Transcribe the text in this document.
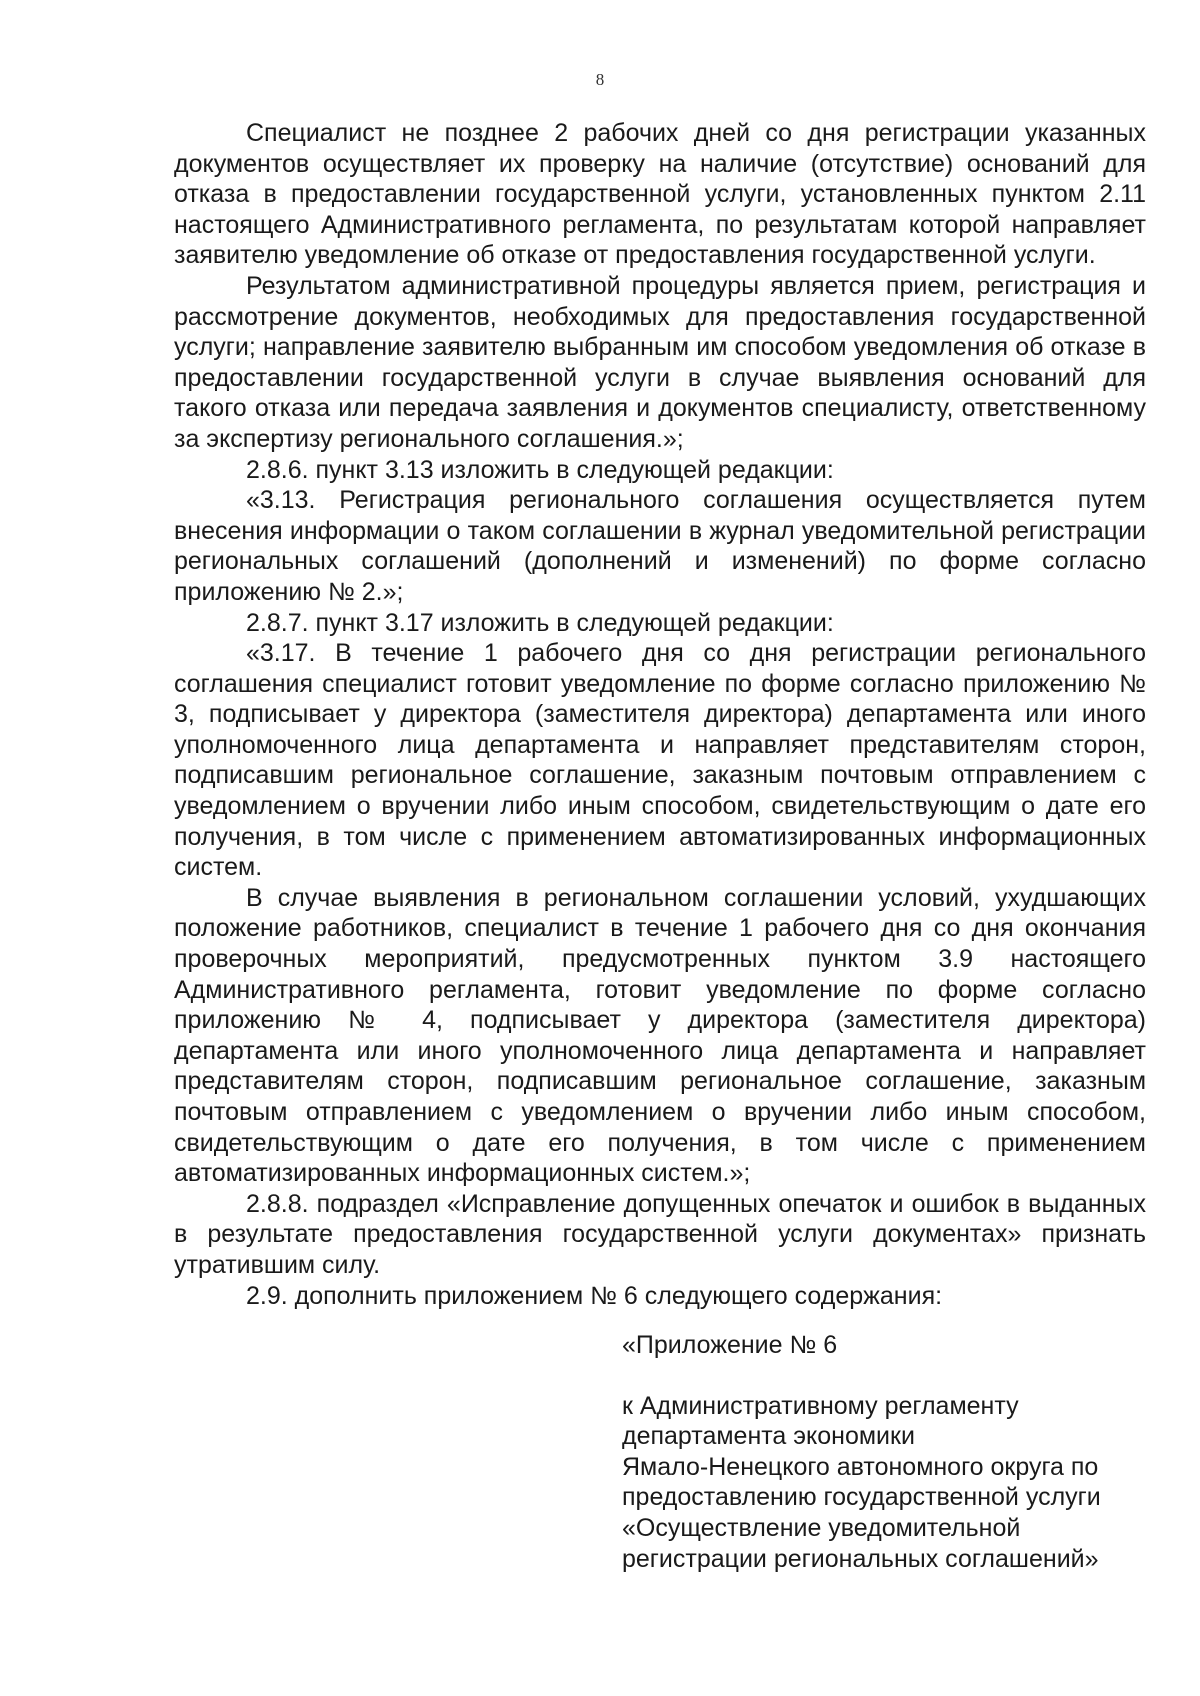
8

Специалист не позднее 2 рабочих дней со дня регистрации указанных документов осуществляет их проверку на наличие (отсутствие) оснований для отказа в предоставлении государственной услуги, установленных пунктом 2.11 настоящего Административного регламента, по результатам которой направляет заявителю уведомление об отказе от предоставления государственной услуги.

Результатом административной процедуры является прием, регистрация и рассмотрение документов, необходимых для предоставления государственной услуги; направление заявителю выбранным им способом уведомления об отказе в предоставлении государственной услуги в случае выявления оснований для такого отказа или передача заявления и документов специалисту, ответственному за экспертизу регионального соглашения.»;

2.8.6. пункт 3.13 изложить в следующей редакции:

«3.13. Регистрация регионального соглашения осуществляется путем внесения информации о таком соглашении в журнал уведомительной регистрации региональных соглашений (дополнений и изменений) по форме согласно приложению № 2.»;

2.8.7. пункт 3.17 изложить в следующей редакции:

«3.17. В течение 1 рабочего дня со дня регистрации регионального соглашения специалист готовит уведомление по форме согласно приложению № 3, подписывает у директора (заместителя директора) департамента или иного уполномоченного лица департамента и направляет представителям сторон, подписавшим региональное соглашение, заказным почтовым отправлением с уведомлением о вручении либо иным способом, свидетельствующим о дате его получения, в том числе с применением автоматизированных информационных систем.

В случае выявления в региональном соглашении условий, ухудшающих положение работников, специалист в течение 1 рабочего дня со дня окончания проверочных мероприятий, предусмотренных пунктом 3.9 настоящего Административного регламента, готовит уведомление по форме согласно приложению № 4, подписывает у директора (заместителя директора) департамента или иного уполномоченного лица департамента и направляет представителям сторон, подписавшим региональное соглашение, заказным почтовым отправлением с уведомлением о вручении либо иным способом, свидетельствующим о дате его получения, в том числе с применением автоматизированных информационных систем.»;

2.8.8. подраздел «Исправление допущенных опечаток и ошибок в выданных в результате предоставления государственной услуги документах» признать утратившим силу.

2.9. дополнить приложением № 6 следующего содержания:

«Приложение № 6

к Административному регламенту
департамента экономики
Ямало-Ненецкого автономного округа по
предоставлению государственной услуги
«Осуществление уведомительной
регистрации региональных соглашений»
